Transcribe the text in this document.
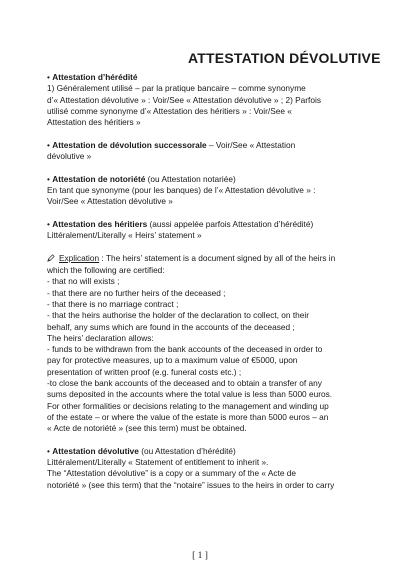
ATTESTATION DÉVOLUTIVE

• Attestation d’hérédité

1) Généralement utilisé – par la pratique bancaire – comme synonyme

d’« Attestation dévolutive » : Voir/See « Attestation dévolutive » ; 2) Parfois

utilisé comme synonyme d’« Attestation des héritiers » : Voir/See «

Attestation des héritiers »

• Attestation de dévolution successorale – Voir/See « Attestation

dévolutive »

• Attestation de notoriété (ou Attestation notariée)

En tant que synonyme (pour les banques) de l’« Attestation dévolutive » :

Voir/See « Attestation dévolutive »

• Attestation des héritiers (aussi appelée parfois Attestation d’hérédité)

Littéralement/Literally « Heirs’ statement »

Explication : The heirs’ statement is a document signed by all of the heirs in

which the following are certified:

- that no will exists ;

- that there are no further heirs of the deceased ;

- that there is no marriage contract ;

- that the heirs authorise the holder of the declaration to collect, on their

behalf, any sums which are found in the accounts of the deceased ;

The heirs’ declaration allows:

- funds to be withdrawn from the bank accounts of the deceased in order to

pay for protective measures, up to a maximum value of €5000, upon

presentation of written proof (e.g. funeral costs etc.) ;

-to close the bank accounts of the deceased and to obtain a transfer of any

sums deposited in the accounts where the total value is less than 5000 euros.

For other formalities or decisions relating to the management and winding up

of the estate – or where the value of the estate is more than 5000 euros – an

« Acte de notoriété » (see this term) must be obtained.

• Attestation dévolutive (ou Attestation d’hérédité)

Littéralement/Literally « Statement of entitlement to inherit ».

The “Attestation dévolutive” is a copy or a summary of the « Acte de

notoriété » (see this term) that the “notaire” issues to the heirs in order to carry

[ 1 ]
